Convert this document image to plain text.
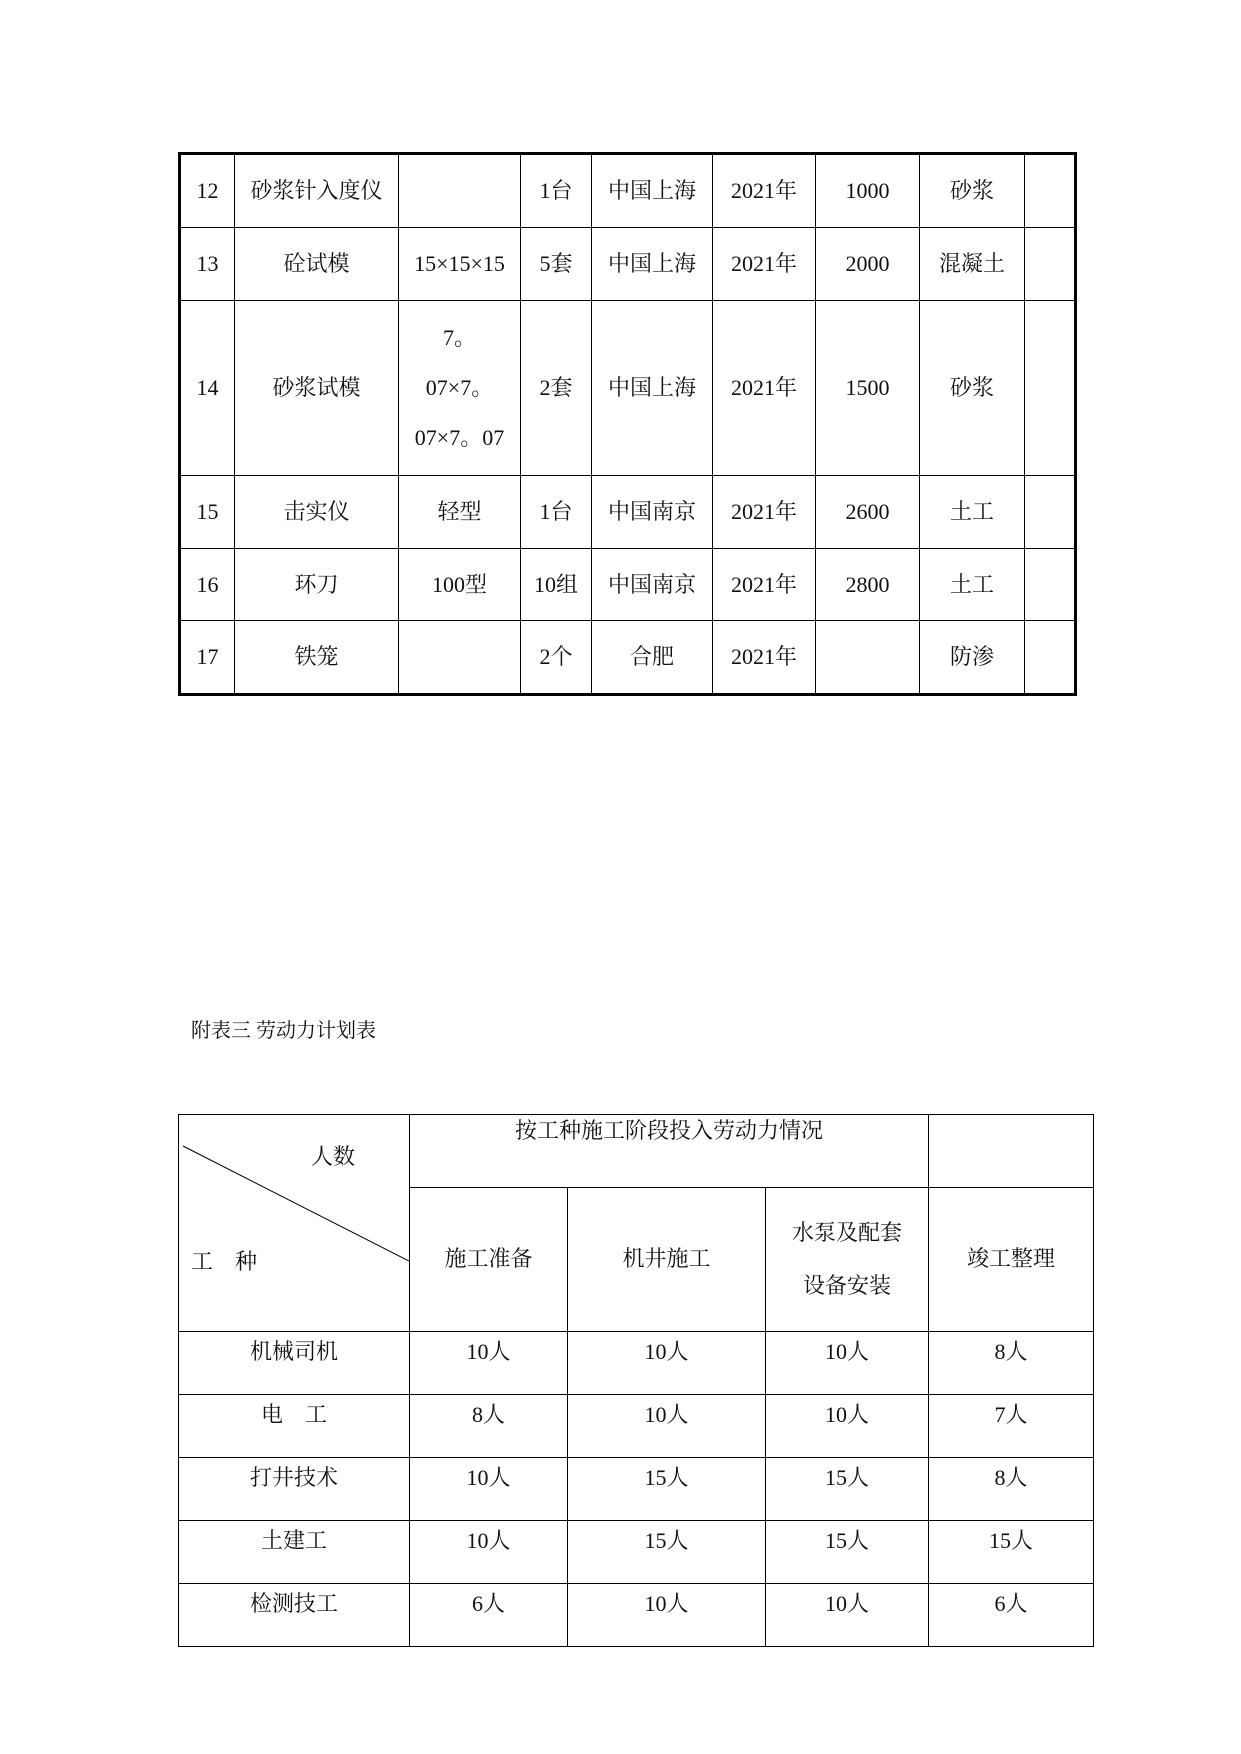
12	砂浆针入度仪		1台	中国上海	2021年	1000	砂浆	
13	砼试模	15×15×15	5套	中国上海	2021年	2000	混凝土	
14	砂浆试模	7。
07×7。
07×7。07	2套	中国上海	2021年	1500	砂浆	
15	击实仪	轻型	1台	中国南京	2021年	2600	土工	
16	环刀	100型	10组	中国南京	2021年	2800	土工	
17	铁笼		2个	合肥	2021年		防渗	
附表三 劳动力计划表

人数

工　种	按工种施工阶段投入劳动力情况			
	施工准备	机井施工	水泵及配套
设备安装	竣工整理
机械司机	10人	10人	10人	8人
电　工	8人	10人	10人	7人
打井技术	10人	15人	15人	8人
土建工	10人	15人	15人	15人
检测技工	6人	10人	10人	6人
